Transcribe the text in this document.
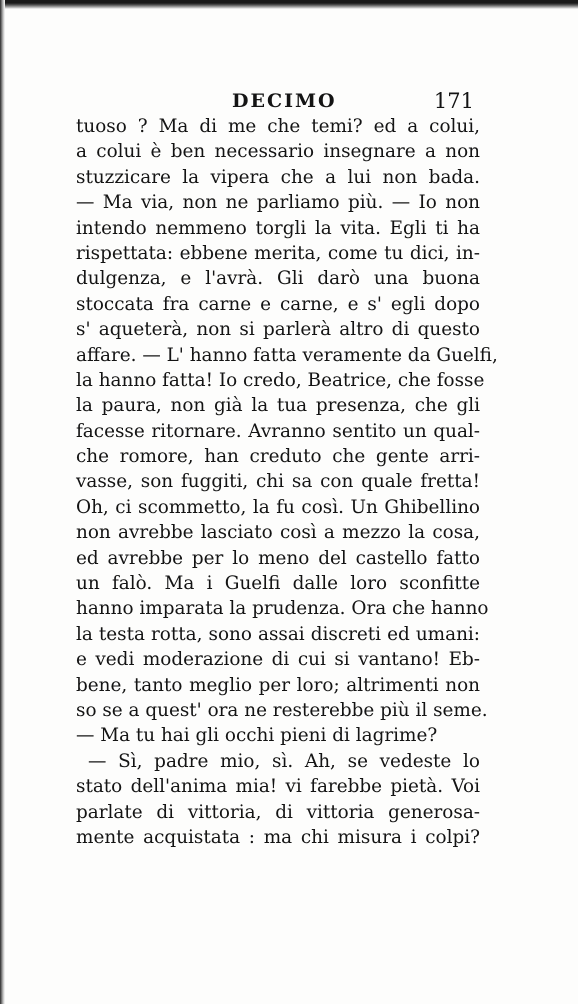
DECIMO	171
tuoso ? Ma di me che temi? ed a colui,
a colui è ben necessario insegnare a non
stuzzicare la vipera che a lui non bada.
— Ma via, non ne parliamo più. — Io non
intendo nemmeno torgli la vita. Egli ti ha
rispettata: ebbene merita, come tu dici, in-
dulgenza, e l'avrà. Gli darò una buona
stoccata fra carne e carne, e s' egli dopo
s' aqueterà, non si parlerà altro di questo
affare. — L' hanno fatta veramente da Guelfi,
la hanno fatta! Io credo, Beatrice, che fosse
la paura, non già la tua presenza, che gli
facesse ritornare. Avranno sentito un qual-
che romore, han creduto che gente arri-
vasse, son fuggiti, chi sa con quale fretta!
Oh, ci scommetto, la fu così. Un Ghibellino
non avrebbe lasciato così a mezzo la cosa,
ed avrebbe per lo meno del castello fatto
un falò. Ma i Guelfi dalle loro sconfitte
hanno imparata la prudenza. Ora che hanno
la testa rotta, sono assai discreti ed umani:
e vedi moderazione di cui si vantano! Eb-
bene, tanto meglio per loro; altrimenti non
so se a quest' ora ne resterebbe più il seme.
— Ma tu hai gli occhi pieni di lagrime?
— Sì, padre mio, sì. Ah, se vedeste lo
stato dell'anima mia! vi farebbe pietà. Voi
parlate di vittoria, di vittoria generosa-
mente acquistata : ma chi misura i colpi?
